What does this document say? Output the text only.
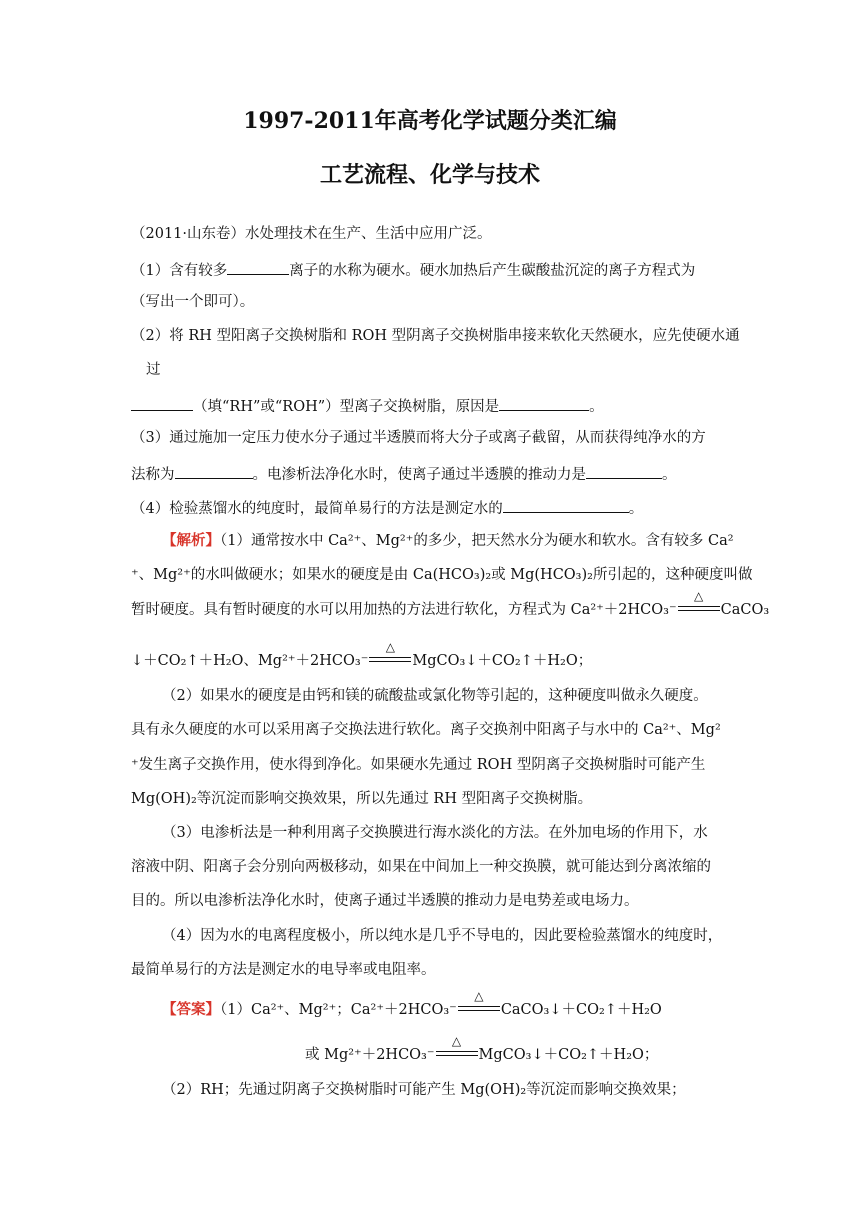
1997-2011年高考化学试题分类汇编
工艺流程、化学与技术
（2011·山东卷）水处理技术在生产、生活中应用广泛。
（1）含有较多	离子的水称为硬水。硬水加热后产生碳酸盐沉淀的离子方程式为
（写出一个即可）。
（2）将 RH 型阳离子交换树脂和 ROH 型阴离子交换树脂串接来软化天然硬水，应先使硬水通
过
（填“RH”或“ROH”）型离子交换树脂，原因是	。
（3）通过施加一定压力使水分子通过半透膜而将大分子或离子截留，从而获得纯净水的方
法称为	。电渗析法净化水时，使离子通过半透膜的推动力是	。
（4）检验蒸馏水的纯度时，最简单易行的方法是测定水的	。
【解析】（1）通常按水中 Ca²⁺、Mg²⁺的多少，把天然水分为硬水和软水。含有较多 Ca²
⁺、Mg²⁺的水叫做硬水；如果水的硬度是由 Ca(HCO₃)₂或 Mg(HCO₃)₂所引起的，这种硬度叫做
暂时硬度。具有暂时硬度的水可以用加热的方法进行软化，方程式为 Ca²⁺＋2HCO₃⁻
△
CaCO₃
↓＋CO₂↑＋H₂O、Mg²⁺＋2HCO₃⁻
△
MgCO₃↓＋CO₂↑＋H₂O；
（2）如果水的硬度是由钙和镁的硫酸盐或氯化物等引起的，这种硬度叫做永久硬度。
具有永久硬度的水可以采用离子交换法进行软化。离子交换剂中阳离子与水中的 Ca²⁺、Mg²
⁺发生离子交换作用，使水得到净化。如果硬水先通过 ROH 型阴离子交换树脂时可能产生
Mg(OH)₂等沉淀而影响交换效果，所以先通过 RH 型阳离子交换树脂。
（3）电渗析法是一种利用离子交换膜进行海水淡化的方法。在外加电场的作用下，水
溶液中阴、阳离子会分别向两极移动，如果在中间加上一种交换膜，就可能达到分离浓缩的
目的。所以电渗析法净化水时，使离子通过半透膜的推动力是电势差或电场力。
（4）因为水的电离程度极小，所以纯水是几乎不导电的，因此要检验蒸馏水的纯度时，
最简单易行的方法是测定水的电导率或电阻率。
【答案】（1）Ca²⁺、Mg²⁺；Ca²⁺＋2HCO₃⁻
△
CaCO₃↓＋CO₂↑＋H₂O
或 Mg²⁺＋2HCO₃⁻
△
MgCO₃↓＋CO₂↑＋H₂O；
（2）RH；先通过阴离子交换树脂时可能产生 Mg(OH)₂等沉淀而影响交换效果；
